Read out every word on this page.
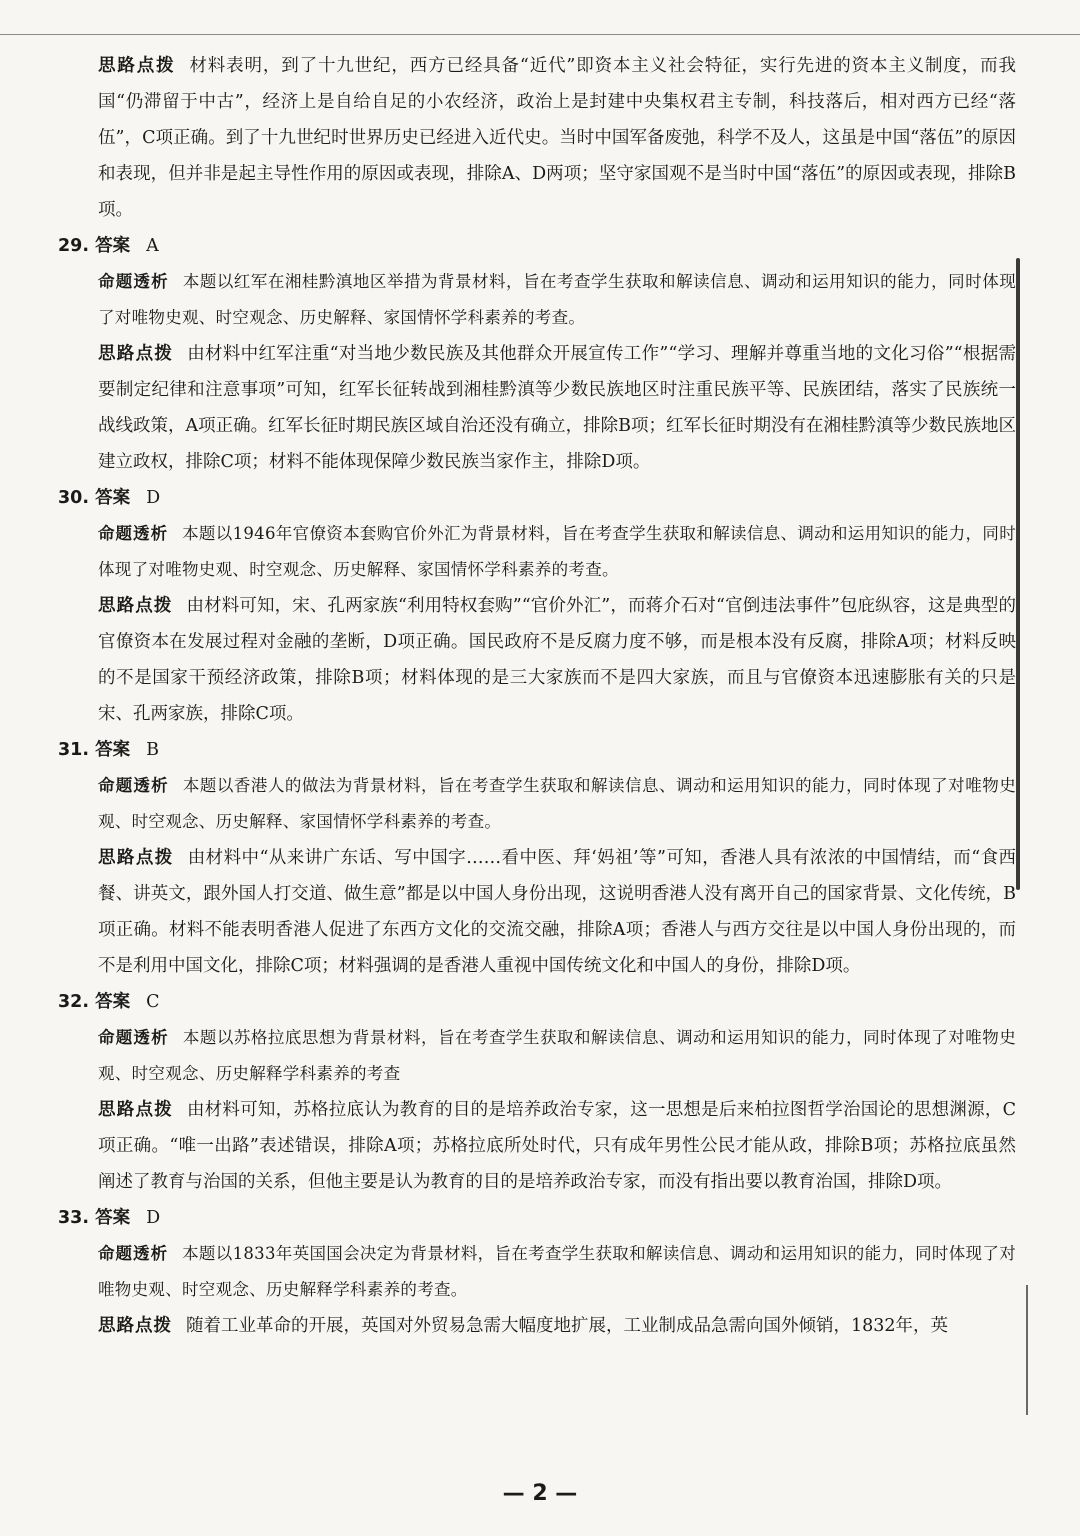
思路点拨 材料表明，到了十九世纪，西方已经具备“近代”即资本主义社会特征，实行先进的资本主义制度，而我国“仍滞留于中古”，经济上是自给自足的小农经济，政治上是封建中央集权君主专制，科技落后，相对西方已经“落伍”，C项正确。到了十九世纪时世界历史已经进入近代史。当时中国军备废弛，科学不及人，这虽是中国“落伍”的原因和表现，但并非是起主导性作用的原因或表现，排除A、D两项；坚守家国观不是当时中国“落伍”的原因或表现，排除B项。

29. 答案 A

命题透析 本题以红军在湘桂黔滇地区举措为背景材料，旨在考查学生获取和解读信息、调动和运用知识的能力，同时体现了对唯物史观、时空观念、历史解释、家国情怀学科素养的考查。

思路点拨 由材料中红军注重“对当地少数民族及其他群众开展宣传工作”“学习、理解并尊重当地的文化习俗”“根据需要制定纪律和注意事项”可知，红军长征转战到湘桂黔滇等少数民族地区时注重民族平等、民族团结，落实了民族统一战线政策，A项正确。红军长征时期民族区域自治还没有确立，排除B项；红军长征时期没有在湘桂黔滇等少数民族地区建立政权，排除C项；材料不能体现保障少数民族当家作主，排除D项。

30. 答案 D

命题透析 本题以1946年官僚资本套购官价外汇为背景材料，旨在考查学生获取和解读信息、调动和运用知识的能力，同时体现了对唯物史观、时空观念、历史解释、家国情怀学科素养的考查。

思路点拨 由材料可知，宋、孔两家族“利用特权套购”“官价外汇”，而蒋介石对“官倒违法事件”包庇纵容，这是典型的官僚资本在发展过程对金融的垄断，D项正确。国民政府不是反腐力度不够，而是根本没有反腐，排除A项；材料反映的不是国家干预经济政策，排除B项；材料体现的是三大家族而不是四大家族，而且与官僚资本迅速膨胀有关的只是宋、孔两家族，排除C项。

31. 答案 B

命题透析 本题以香港人的做法为背景材料，旨在考查学生获取和解读信息、调动和运用知识的能力，同时体现了对唯物史观、时空观念、历史解释、家国情怀学科素养的考查。

思路点拨 由材料中“从来讲广东话、写中国字……看中医、拜‘妈祖’等”可知，香港人具有浓浓的中国情结，而“食西餐、讲英文，跟外国人打交道、做生意”都是以中国人身份出现，这说明香港人没有离开自己的国家背景、文化传统，B项正确。材料不能表明香港人促进了东西方文化的交流交融，排除A项；香港人与西方交往是以中国人身份出现的，而不是利用中国文化，排除C项；材料强调的是香港人重视中国传统文化和中国人的身份，排除D项。

32. 答案 C

命题透析 本题以苏格拉底思想为背景材料，旨在考查学生获取和解读信息、调动和运用知识的能力，同时体现了对唯物史观、时空观念、历史解释学科素养的考查

思路点拨 由材料可知，苏格拉底认为教育的目的是培养政治专家，这一思想是后来柏拉图哲学治国论的思想渊源，C项正确。“唯一出路”表述错误，排除A项；苏格拉底所处时代，只有成年男性公民才能从政，排除B项；苏格拉底虽然阐述了教育与治国的关系，但他主要是认为教育的目的是培养政治专家，而没有指出要以教育治国，排除D项。

33. 答案 D

命题透析 本题以1833年英国国会决定为背景材料，旨在考查学生获取和解读信息、调动和运用知识的能力，同时体现了对唯物史观、时空观念、历史解释学科素养的考查。

思路点拨 随着工业革命的开展，英国对外贸易急需大幅度地扩展，工业制成品急需向国外倾销，1832年，英

— 2 —
